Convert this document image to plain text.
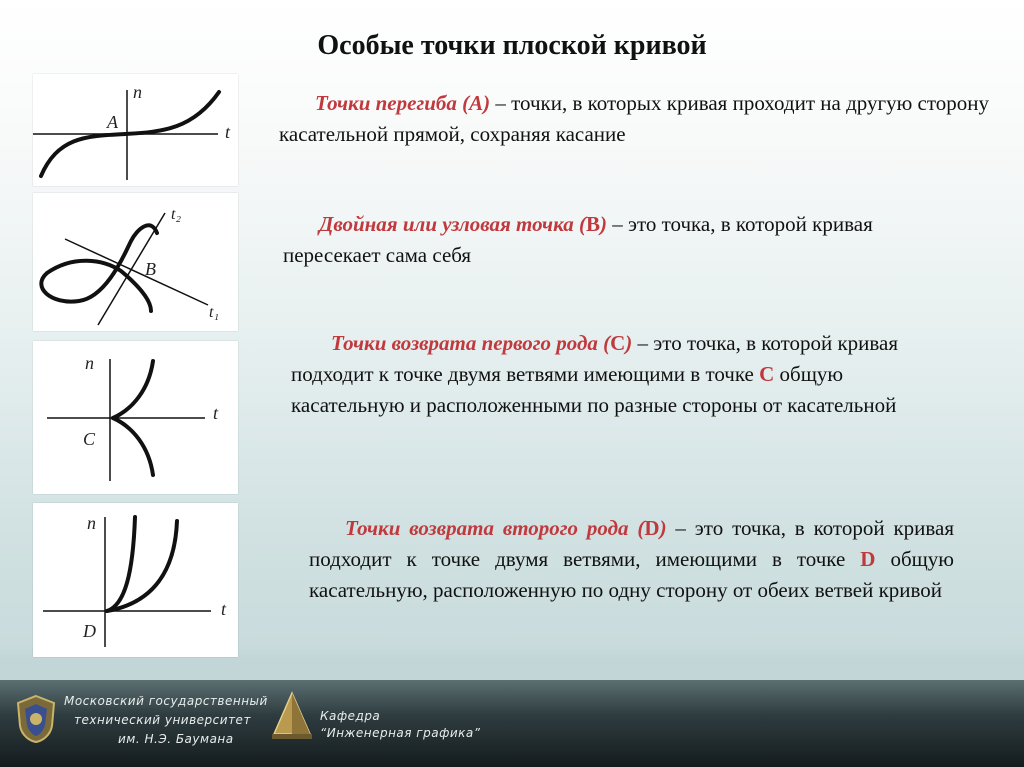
Особые точки плоской кривой
n
t
A
t₂
t₁
B
n
t
C
n
t
D
Точки перегиба (А) – точки, в которых кривая проходит на другую сторону касательной прямой, сохраняя касание
Двойная или узловая точка (B) – это точка, в которой кривая пересекает сама себя
Точки возврата первого рода (C) – это точка, в которой кривая подходит к точке двумя ветвями имеющими в точке С общую касательную и расположенными по разные стороны от касательной
Точки возврата второго рода (D) – это точка, в которой кривая подходит к точке двумя ветвями, имеющими в точке D общую касательную, расположенную по одну сторону от обеих ветвей кривой
Московский государственный
технический университет
им. Н.Э. Баумана
Кафедра
“Инженерная графика”
